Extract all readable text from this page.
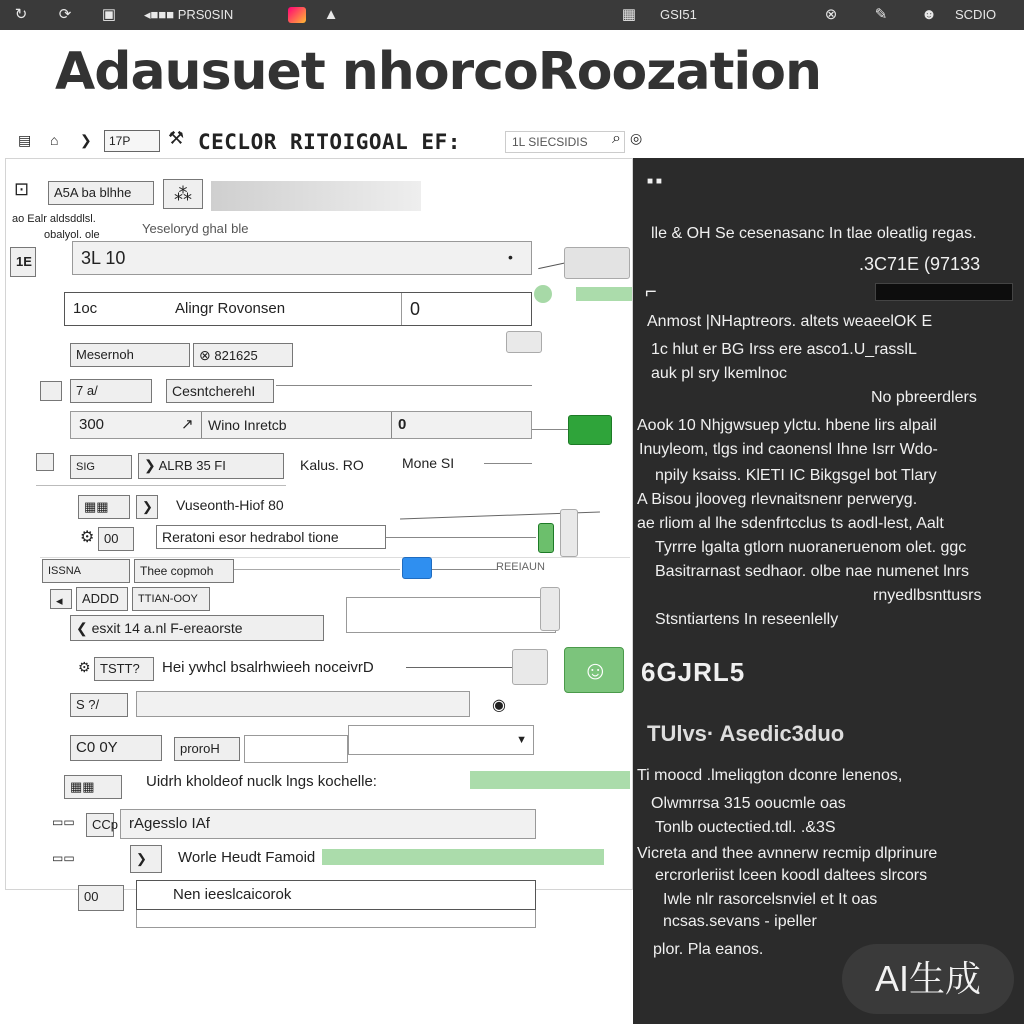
↻ ⟳ ▣ ◂■■■ PRS0SIN	▲	▦ GSI51	⊗ ✎ ☻ SCDIO
Adausuet nhorcoRoozation
▤ ⌂ ❯	17P	⚒ CECLOR RITOIGOAL EF:	1L SIECSIDIS	⌕ ◎
⊡	A5A ba blhhe	⁂
Yeseloryd ghaI ble
ao Ealr aldsddlsl.
obalyol. ole
1E	3L 10	•
1oc	Alingr Rovonsen	0
Mesernoh	⊗ 821625
7 a/	CesntcherehI
300	↗	Wino Inretcb	0
SIG	❯ ALRB 35 FI	Kalus. RO	Mone SI
▦▦	❯	Vuseonth-Hiof 80
⚙ 00	Reratoni esor hedrabol tione
ISSNA	Thee copmoh	REEIAUN
◂	ADDD	TTIAN-OOY
❮ esxit 14 a.nl F-ereaorste
⚙ TSTT?	Hei ywhcl bsalrhwieeh noceivrD	☺
S ?/	◉
C0 0Y	proroH
▼
▦▦	Uidrh kholdeof nuclk lngs kochelle:
▭▭	CCp rAgesslo IAf
▭▭	❯	Worle Heudt Famoid
00	Nen ieeslcaicorok
■ ■
lle & OH Se cesenasanc In tlae oleatlig regas.
.3C71E (97133
⌐
Anmost |NHaptreors. altets weaeelOK E
1c hlut er BG Irss ere asco1.U_rasslL
auk pl sry lkemlnoc
No pbreerdlers
Aook 10 Nhjgwsuep ylctu. hbene lirs alpail
Inuyleom, tlgs ind caonensl Ihne Isrr Wdo-
npily ksaiss. KlETI IC Bikgsgel bot Tlary
A Bisou jlooveg rlevnaitsnenr perweryg.
ae rliom al lhe sdenfrtcclus ts aodl-lest, Aalt
Tyrrre lgalta gtlorn nuoraneruenom olet. ggc
Basitrarnast sedhaor. olbe nae numenet lnrs
rnyedlbsnttusrs
Stsntiartens In reseenlelly
6GJRL5
TUlvs· Asedic3duo
Ti moocd .lmeliqgton dconre lenenos,
Olwmrrsa 315 ooucmle oas
Tonlb ouctectied.tdl. .&3S
Vicreta and thee avnnerw recmip dlprinure
ercrorleriist lceen koodl daltees slrcors
Iwle nlr rasorcelsnviel et It oas
ncsas.sevans - ipeller
plor. Pla eanos.
AI生成
